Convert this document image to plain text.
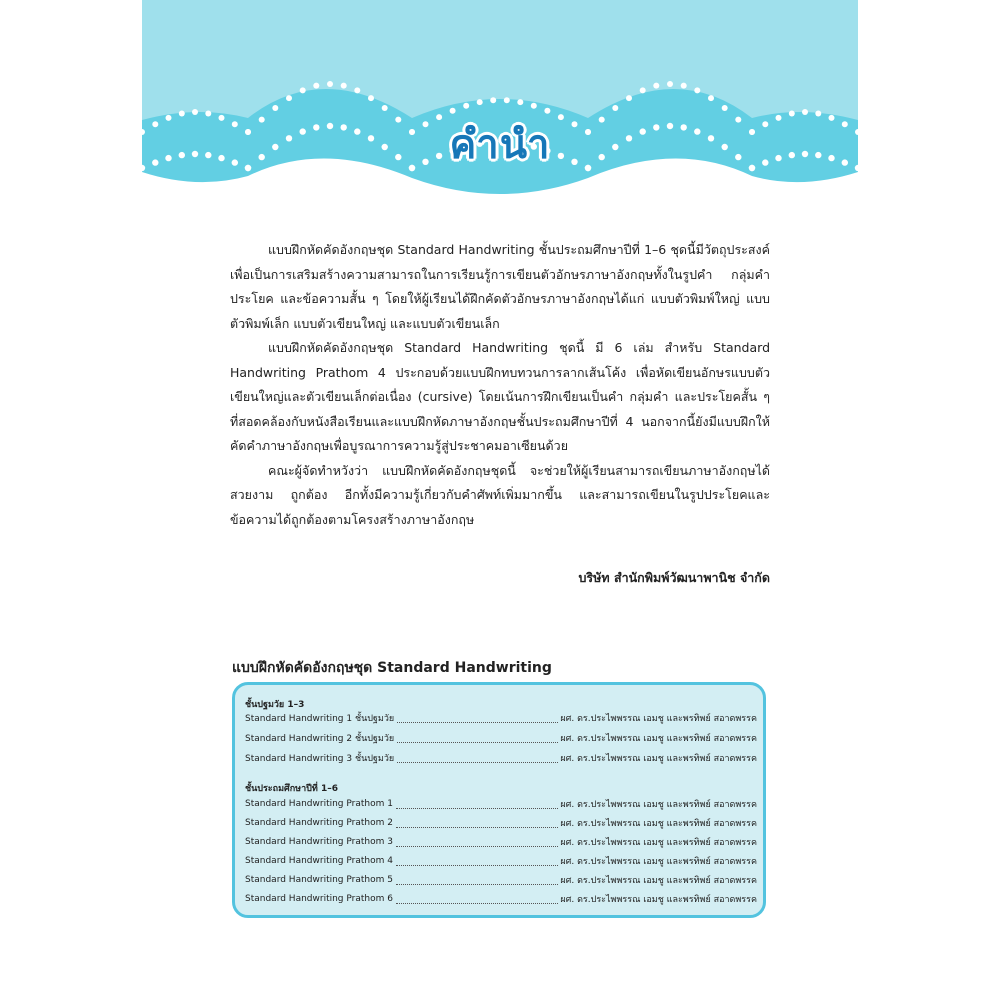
คำนำ

แบบฝึกหัดคัดอังกฤษชุด Standard Handwriting ชั้นประถมศึกษาปีที่ 1–6 ชุดนี้มีวัตถุประสงค์เพื่อเป็นการเสริมสร้างความสามารถในการเรียนรู้การเขียนตัวอักษรภาษาอังกฤษทั้งในรูปคำ กลุ่มคำ ประโยค และข้อความสั้น ๆ โดยให้ผู้เรียนได้ฝึกคัดตัวอักษรภาษาอังกฤษได้แก่ แบบตัวพิมพ์ใหญ่ แบบตัวพิมพ์เล็ก แบบตัวเขียนใหญ่ และแบบตัวเขียนเล็ก

แบบฝึกหัดคัดอังกฤษชุด Standard Handwriting ชุดนี้ มี 6 เล่ม สำหรับ Standard Handwriting Prathom 4 ประกอบด้วยแบบฝึกทบทวนการลากเส้นโค้ง เพื่อหัดเขียนอักษรแบบตัวเขียนใหญ่และตัวเขียนเล็กต่อเนื่อง (cursive) โดยเน้นการฝึกเขียนเป็นคำ กลุ่มคำ และประโยคสั้น ๆ ที่สอดคล้องกับหนังสือเรียนและแบบฝึกหัดภาษาอังกฤษชั้นประถมศึกษาปีที่ 4 นอกจากนี้ยังมีแบบฝึกให้คัดคำภาษาอังกฤษเพื่อบูรณาการความรู้สู่ประชาคมอาเซียนด้วย

คณะผู้จัดทำหวังว่า แบบฝึกหัดคัดอังกฤษชุดนี้ จะช่วยให้ผู้เรียนสามารถเขียนภาษาอังกฤษได้สวยงาม ถูกต้อง อีกทั้งมีความรู้เกี่ยวกับคำศัพท์เพิ่มมากขึ้น และสามารถเขียนในรูปประโยคและข้อความได้ถูกต้องตามโครงสร้างภาษาอังกฤษ

บริษัท สำนักพิมพ์วัฒนาพานิช จำกัด
แบบฝึกหัดคัดอังกฤษชุด Standard Handwriting
ชั้นปฐมวัย 1–3
Standard Handwriting 1 ชั้นปฐมวัย	ผศ. ดร.ประไพพรรณ เอมชู และพรทิพย์ สอาดพรรค
Standard Handwriting 2 ชั้นปฐมวัย	ผศ. ดร.ประไพพรรณ เอมชู และพรทิพย์ สอาดพรรค
Standard Handwriting 3 ชั้นปฐมวัย	ผศ. ดร.ประไพพรรณ เอมชู และพรทิพย์ สอาดพรรค
ชั้นประถมศึกษาปีที่ 1–6
Standard Handwriting Prathom 1	ผศ. ดร.ประไพพรรณ เอมชู และพรทิพย์ สอาดพรรค
Standard Handwriting Prathom 2	ผศ. ดร.ประไพพรรณ เอมชู และพรทิพย์ สอาดพรรค
Standard Handwriting Prathom 3	ผศ. ดร.ประไพพรรณ เอมชู และพรทิพย์ สอาดพรรค
Standard Handwriting Prathom 4	ผศ. ดร.ประไพพรรณ เอมชู และพรทิพย์ สอาดพรรค
Standard Handwriting Prathom 5	ผศ. ดร.ประไพพรรณ เอมชู และพรทิพย์ สอาดพรรค
Standard Handwriting Prathom 6	ผศ. ดร.ประไพพรรณ เอมชู และพรทิพย์ สอาดพรรค
